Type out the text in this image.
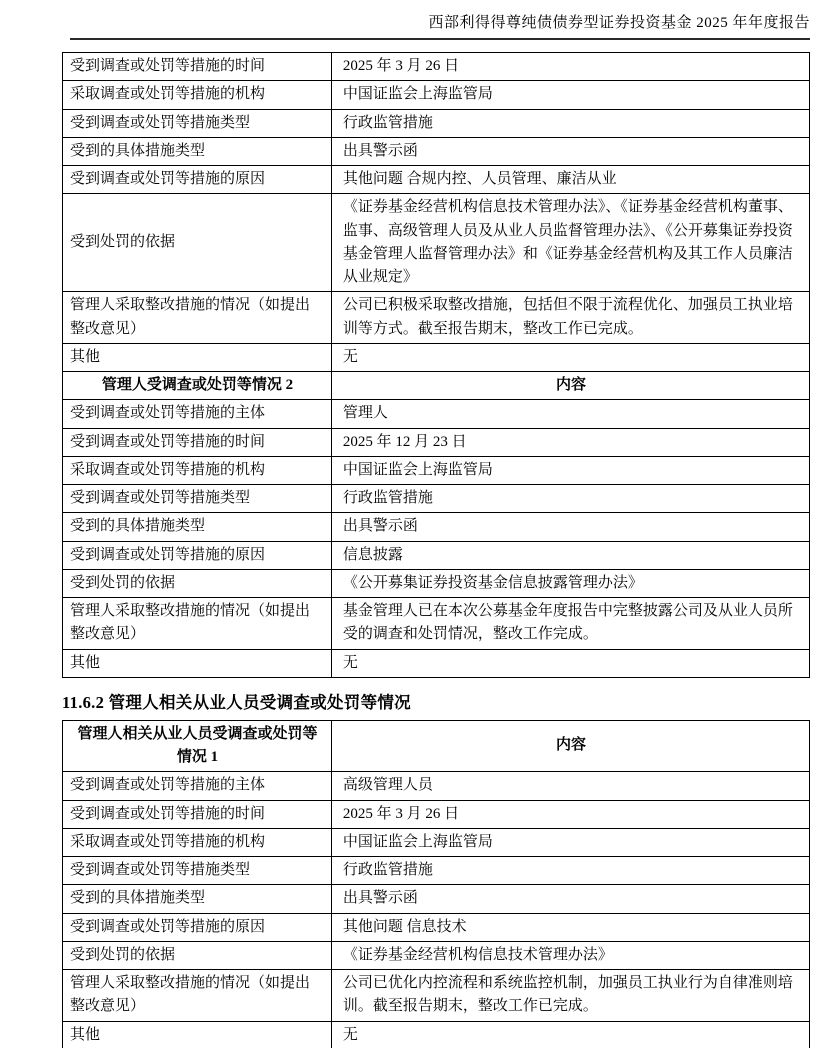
西部利得得尊纯债债券型证券投资基金 2025 年年度报告
受到调查或处罚等措施的时间	2025 年 3 月 26 日
采取调查或处罚等措施的机构	中国证监会上海监管局
受到调查或处罚等措施类型	行政监管措施
受到的具体措施类型	出具警示函
受到调查或处罚等措施的原因	其他问题 合规内控、人员管理、廉洁从业
受到处罚的依据	《证券基金经营机构信息技术管理办法》、《证券基金经营机构董事、监事、高级管理人员及从业人员监督管理办法》、《公开募集证券投资基金管理人监督管理办法》和《证券基金经营机构及其工作人员廉洁从业规定》
管理人采取整改措施的情况（如提出整改意见）	公司已积极采取整改措施，包括但不限于流程优化、加强员工执业培训等方式。截至报告期末，整改工作已完成。
其他	无
管理人受调查或处罚等情况 2	内容
受到调查或处罚等措施的主体	管理人
受到调查或处罚等措施的时间	2025 年 12 月 23 日
采取调查或处罚等措施的机构	中国证监会上海监管局
受到调查或处罚等措施类型	行政监管措施
受到的具体措施类型	出具警示函
受到调查或处罚等措施的原因	信息披露
受到处罚的依据	《公开募集证券投资基金信息披露管理办法》
管理人采取整改措施的情况（如提出整改意见）	基金管理人已在本次公募基金年度报告中完整披露公司及从业人员所受的调查和处罚情况，整改工作完成。
其他	无
11.6.2 管理人相关从业人员受调查或处罚等情况
管理人相关从业人员受调查或处罚等情况 1	内容
受到调查或处罚等措施的主体	高级管理人员
受到调查或处罚等措施的时间	2025 年 3 月 26 日
采取调查或处罚等措施的机构	中国证监会上海监管局
受到调查或处罚等措施类型	行政监管措施
受到的具体措施类型	出具警示函
受到调查或处罚等措施的原因	其他问题 信息技术
受到处罚的依据	《证券基金经营机构信息技术管理办法》
管理人采取整改措施的情况（如提出整改意见）	公司已优化内控流程和系统监控机制，加强员工执业行为自律准则培训。截至报告期末，整改工作已完成。
其他	无
